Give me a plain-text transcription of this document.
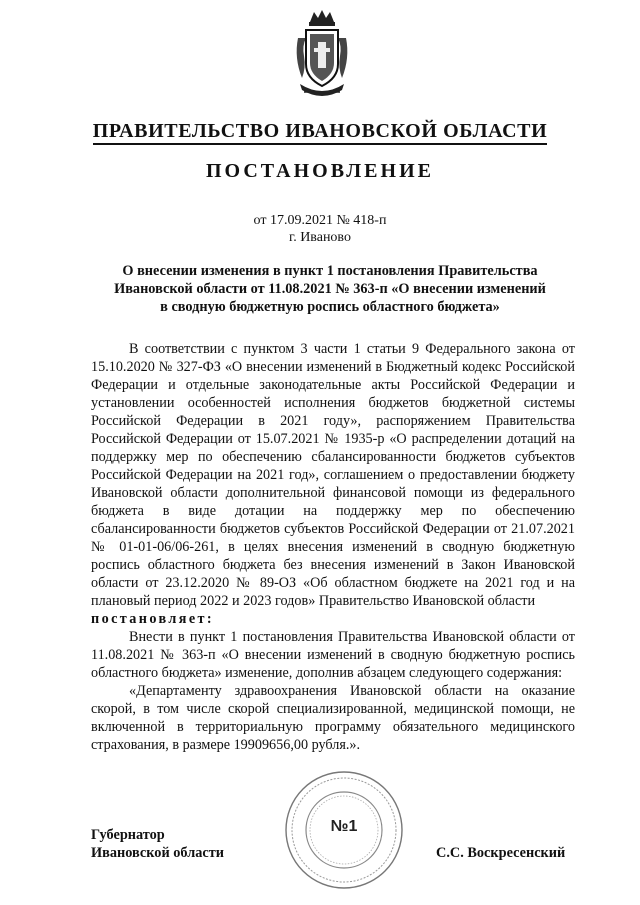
ПРАВИТЕЛЬСТВО ИВАНОВСКОЙ ОБЛАСТИ
ПОСТАНОВЛЕНИЕ
от 17.09.2021 № 418-п
г. Иваново
О внесении изменения в пункт 1 постановления Правительства
Ивановской области от 11.08.2021 № 363-п «О внесении изменений
в сводную бюджетную роспись областного бюджета»

В соответствии с пунктом 3 части 1 статьи 9 Федерального закона от 15.10.2020 № 327-ФЗ «О внесении изменений в Бюджетный кодекс Российской Федерации и отдельные законодательные акты Российской Федерации и установлении особенностей исполнения бюджетов бюджетной системы Российской Федерации в 2021 году», распоряжением Правительства Российской Федерации от 15.07.2021 № 1935-р «О распределении дотаций на поддержку мер по обеспечению сбалансированности бюджетов субъектов Российской Федерации на 2021 год», соглашением о предоставлении бюджету Ивановской области дополнительной финансовой помощи из федерального бюджета в виде дотации на поддержку мер по обеспечению сбалансированности бюджетов субъектов Российской Федерации от 21.07.2021 № 01-01-06/06-261, в целях внесения изменений в сводную бюджетную роспись областного бюджета без внесения изменений в Закон Ивановской области от 23.12.2020 № 89-ОЗ «Об областном бюджете на 2021 год и на плановый период 2022 и 2023 годов» Правительство Ивановской области

постановляет:

Внести в пункт 1 постановления Правительства Ивановской области от 11.08.2021 № 363-п «О внесении изменений в сводную бюджетную роспись областного бюджета» изменение, дополнив абзацем следующего содержания:

«Департаменту здравоохранения Ивановской области на оказание скорой, в том числе скорой специализированной, медицинской помощи, не включенной в территориальную программу обязательного медицинского страхования, в размере 19909656,00 рубля.».

№1
Губернатор
Ивановской области	С.С. Воскресенский
